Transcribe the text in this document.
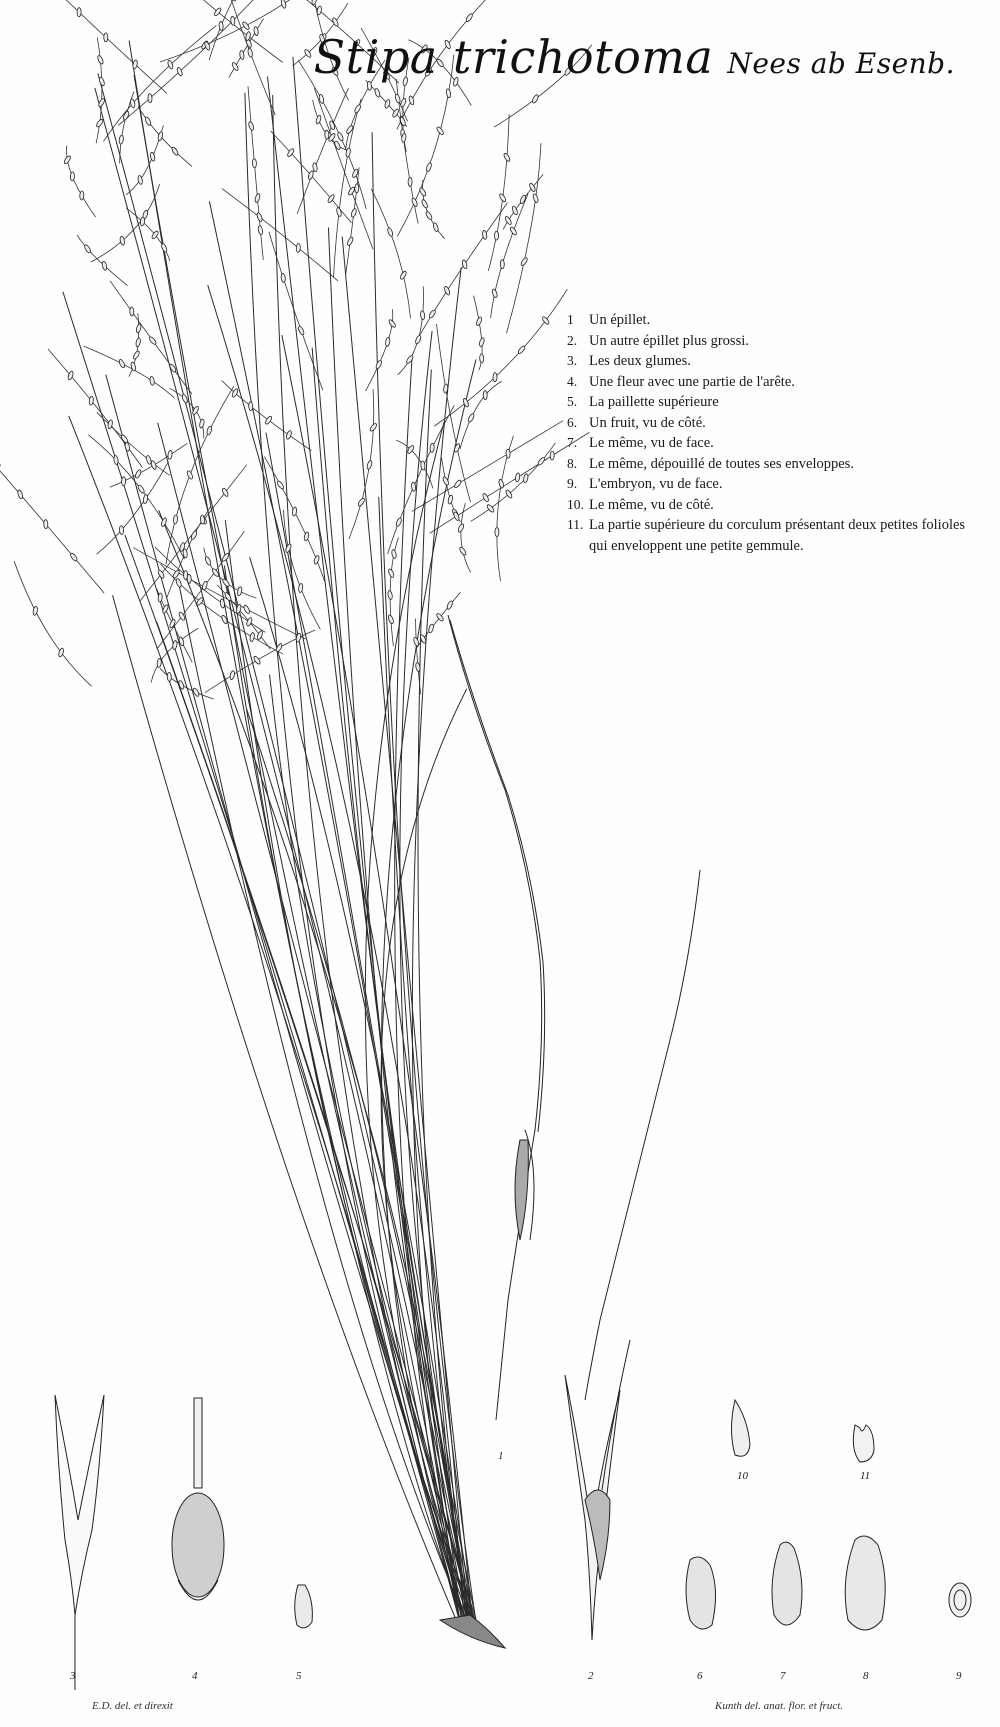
Stipa trichotoma Nees ab Esenb.
1	Un épillet.
2. Un autre épillet plus grossi.
3. Les deux glumes.
4. Une fleur avec une partie de l'arête.
5. La paillette supérieure
6. Un fruit, vu de côté.
7. Le même, vu de face.
8. Le même, dépouillé de toutes ses enveloppes.
9. L'embryon, vu de face.
10. Le même, vu de côté.
11. La partie supérieure du corculum présentant deux petites folioles qui enveloppent une petite gemmule.
1
2
3	4	5	6	7	8	9
10	11
E.D. del. et direxit	Kunth del. anat. flor. et fruct.
